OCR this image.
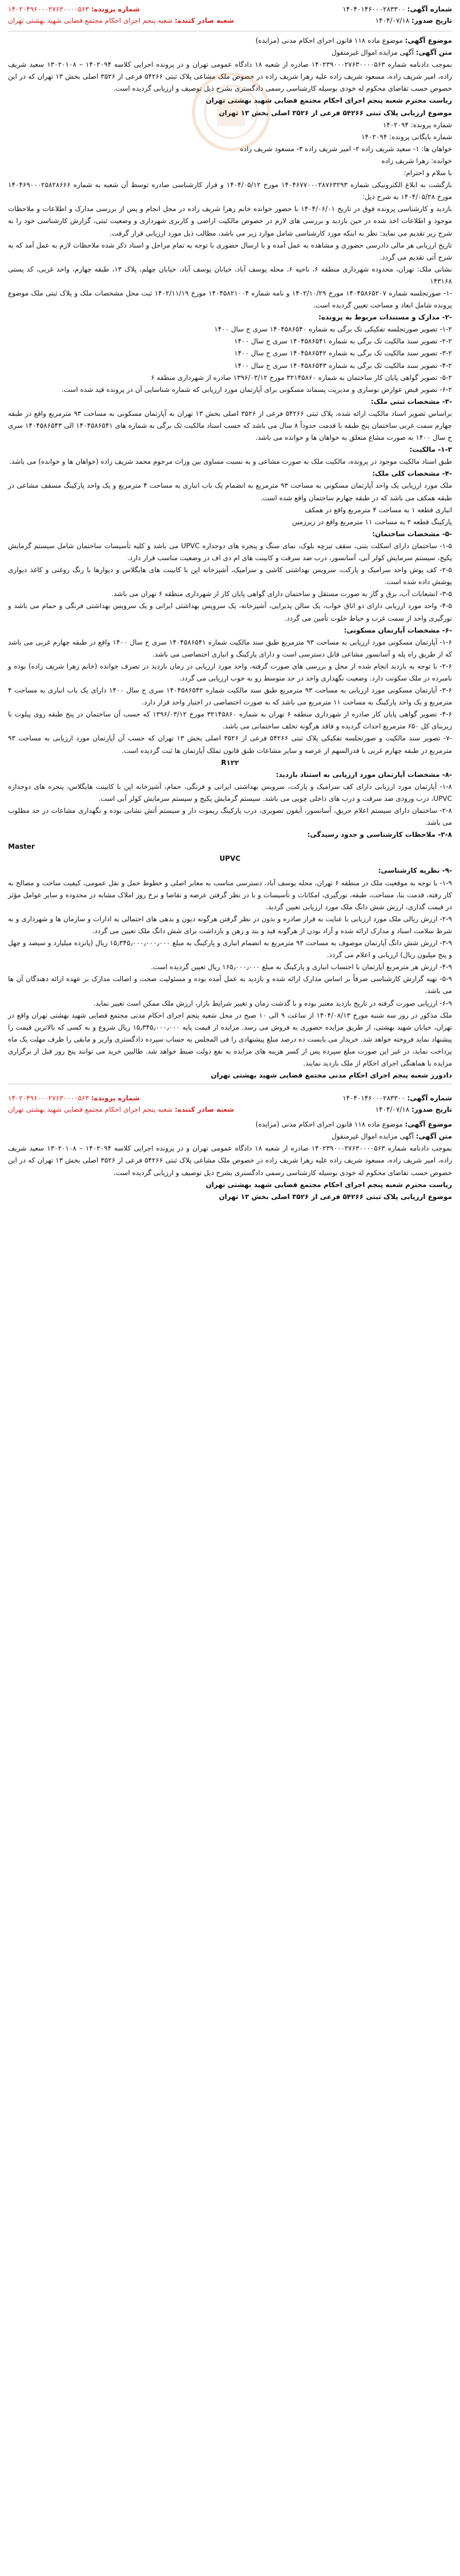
شماره آگهی: ۱۴۰۴۰۱۴۶۰۰۰۲۸۳۳۰۰
شماره پرونده: ۱۴۰۲۰۴۹۶۰۰۰۲۷۶۳۰۰۰۰۵۶۳
تاریخ صدور: ۱۴۰۴/۰۷/۱۸
شعبه صادر کننده: شعبه پنجم اجرای احکام مجتمع قضایی شهید بهشتی تهران

موضوع آگهی: موضوع ماده ۱۱۸ قانون اجرای احکام مدنی (مزایده)

متن آگهی: آگهی مزایده اموال غیرمنقول

بموجب دادنامه شماره ۱۴۰۲۳۹۰۰۰۲۷۶۳۰۰۰۰۵۶۳ صادره از شعبه ۱۸ دادگاه عمومی تهران و در پرونده اجرایی کلاسه ۱۴۰۲۰۹۴ – ۱۳۰۲۰۱۰۸ سعید شریف زاده، امیر شریف زاده، مسعود شریف زاده علیه زهرا شریف زاده در خصوص ملک مشاعی پلاک ثبتی ۵۴۲۶۶ فرعی از ۳۵۲۶ اصلی بخش ۱۳ تهران که در این خصوص حسب تقاضای محکوم له خودی بوسیله کارشناسی رسمی دادگستری بشرح ذیل توصیف و ارزیابی گردیده است.

ریاست محترم شعبه پنجم اجرای احکام مجتمع قضایی شهید بهشتی تهران

موضوع ارزیابی پلاک ثبتی ۵۴۲۶۶ فرعی از ۳۵۲۶ اصلی بخش ۱۳ تهران

شماره پرونده: ۱۴۰۲۰۹۴

شماره بایگانی پرونده: ۱۴۰۲۰۹۴

خواهان ها: ۱- سعید شریف زاده ۲- امیر شریف زاده ۳- مسعود شریف زاده

خوانده: زهرا شریف زاده

با سلام و احترام:

بازگشت به ابلاغ الکترونیکی شماره ۱۴۰۴۶۷۷۰۰۰۲۸۷۶۳۲۹۳ مورخ ۱۴۰۴/۰۵/۱۲ و قرار کارشناسی صادره توسط آن شعبه به شماره ۱۴۰۴۶۹۰۰۰۲۵۸۲۸۶۶۶ مورخ ۱۴۰۴/۰۵/۲۸ به شرح ذیل:

بازدید و کارشناسی پرونده فوق در تاریخ ۱۴۰۴/۰۶/۰۱ با حضور خوانده خانم زهرا شریف زاده در محل انجام و پس از بررسی مدارک و اطلاعات و ملاحظات موجود و اطلاعات اخذ شده در حین بازدید و بررسی های لازم در خصوص مالکیت اراضی و کاربری شهرداری و وضعیت ثبتی، گزارش کارشناسی خود را به شرح زیر تقدیم می نماید: نظر به اینکه مورد کارشناسی شامل موارد زیر می باشد، مطالب ذیل مورد ارزیابی قرار گرفت.

تاریخ ارزیابی هر مالی دادرسی حضوری و مشاهده به عمل آمده و با ارسال حضوری با توجه به تمام مراحل و اسناد ذکر شده ملاحظات لازم به عمل آمد که به شرح آتی تقدیم می گردد.

نشانی ملک: تهران، محدوده شهرداری منطقه ۶، ناحیه ۶، محله یوسف آباد، خیابان یوسف آباد، خیابان چهلم، پلاک ۱۳، طبقه چهارم، واحد غربی، کد پستی ۱۴۳۱۶۸

-۱- صورتجلسه شماره ۱۴۰۴۵۸۶۵۲۰۷ مورخ ۱۴۰۲/۱۰/۲۹ و نامه شماره ۱۴۰۴۵۸۲۱۰۰۴ مورخ ۱۴۰۲/۱۱/۱۹ ثبت محل مشخصات ملک و پلاک ثبتی ملک موضوع پرونده شامل ابعاد و مساحت تعیین گردیده است.

-۲- مدارک و مستندات مربوط به پرونده:

۱-۲- تصویر صورتجلسه تفکیکی تک برگی به شماره ۱۴۰۴۵۸۶۵۴۰ سری ج سال ۱۴۰۰

۲-۲- تصویر سند مالکیت تک برگی به شماره ۱۴۰۴۵۸۶۵۴۱ سری ج سال ۱۴۰۰

۳-۲- تصویر سند مالکیت تک برگی به شماره ۱۴۰۴۵۸۶۵۴۲ سری ج سال ۱۴۰۰

۴-۲- تصویر سند مالکیت تک برگی به شماره ۱۴۰۴۵۸۶۵۴۳ سری ج سال ۱۴۰۰

۵-۲- تصویر گواهی پایان کار ساختمان به شماره ۳۲۱۴۵۸۶۰ مورخ ۱۳۹۶/۰۳/۱۲ صادره از شهرداری منطقه ۶

۶-۲- تصویر قبض عوارض نوسازی و مدیریت پسماند مسکونی برای آپارتمان مورد ارزیابی که شماره شناسایی آن در پرونده قید شده است.

-۳- مشخصات ثبتی ملک:

براساس تصویر اسناد مالکیت ارائه شده، پلاک ثبتی ۵۴۲۶۶ فرعی از ۳۵۲۶ اصلی بخش ۱۳ تهران به آپارتمان مسکونی به مساحت ۹۳ مترمربع واقع در طبقه چهارم سمت غربی ساختمان پنج طبقه با قدمت حدوداً ۸ سال می باشد که حسب اسناد مالکیت تک برگی به شماره های ۱۴۰۴۵۸۶۵۴۱ الی ۱۴۰۴۵۸۶۵۴۳ سری ج سال ۱۴۰۰ به صورت مشاع متعلق به خواهان ها و خوانده می باشد.

۱-۳- مالکیت:

طبق اسناد مالکیت موجود در پرونده، مالکیت ملک به صورت مشاعی و به نسبت مساوی بین وراث مرحوم محمد شریف زاده (خواهان ها و خوانده) می باشد.

-۴- مشخصات کلی ملک:

ملک مورد ارزیابی یک واحد آپارتمان مسکونی به مساحت ۹۳ مترمربع به انضمام یک باب انباری به مساحت ۴ مترمربع و یک واحد پارکینگ مسقف مشاعی در طبقه همکف می باشد که در طبقه چهارم ساختمان واقع شده است.

انباری قطعه ۱ به مساحت ۴ مترمربع واقع در همکف

پارکینگ قطعه ۲ به مساحت ۱۱ مترمربع واقع در زیرزمین

-۵- مشخصات ساختمان:

۱-۵- ساختمان دارای اسکلت بتنی، سقف تیرچه بلوک، نمای سنگ و پنجره های دوجداره UPVC می باشد و کلیه تأسیسات ساختمان شامل سیستم گرمایش پکیج، سیستم سرمایش کولر آبی، آسانسور، درب ضد سرقت و کابینت های ام دی اف در وضعیت مناسب قرار دارد.

۲-۵- کف پوش واحد سرامیک و پارکت، سرویس بهداشتی کاشی و سرامیک، آشپزخانه اپن با کابینت های هایگلاس و دیوارها با رنگ روغنی و کاغذ دیواری پوشش داده شده است.

۳-۵- انشعابات آب، برق و گاز به صورت مستقل و ساختمان دارای گواهی پایان کار از شهرداری منطقه ۶ تهران می باشد.

۴-۵- واحد مورد ارزیابی دارای دو اتاق خواب، یک سالن پذیرایی، آشپزخانه، یک سرویس بهداشتی ایرانی و یک سرویس بهداشتی فرنگی و حمام می باشد و نورگیری واحد از سمت غرب و حیاط خلوت تأمین می گردد.

-۶- مشخصات آپارتمان مسکونی:

۱-۶- آپارتمان مسکونی مورد ارزیابی به مساحت ۹۳ مترمربع طبق سند مالکیت شماره ۱۴۰۴۵۸۶۵۴۱ سری ج سال ۱۴۰۰ واقع در طبقه چهارم غربی می باشد که از طریق راه پله و آسانسور مشاعی قابل دسترسی است و دارای پارکینگ و انباری اختصاصی می باشد.

۲-۶- با توجه به بازدید انجام شده از محل و بررسی های صورت گرفته، واحد مورد ارزیابی در زمان بازدید در تصرف خوانده (خانم زهرا شریف زاده) بوده و نامبرده در ملک سکونت دارد. وضعیت نگهداری واحد در حد متوسط رو به خوب ارزیابی می گردد.

۳-۶- آپارتمان مسکونی مورد ارزیابی به مساحت ۹۳ مترمربع طبق سند مالکیت شماره ۱۴۰۴۵۸۶۵۴۲ سری ج سال ۱۴۰۰ دارای یک باب انباری به مساحت ۴ مترمربع و یک واحد پارکینگ به مساحت ۱۱ مترمربع می باشد که به صورت اختصاصی در اختیار واحد قرار دارد.

۴-۶- تصویر گواهی پایان کار صادره از شهرداری منطقه ۶ تهران به شماره ۳۲۱۴۵۸۶۰ مورخ ۱۳۹۶/۰۳/۱۲ که حسب آن ساختمان در پنج طبقه روی پیلوت با زیربنای کل ۶۵۰ مترمربع احداث گردیده و فاقد هرگونه تخلف ساختمانی می باشد.

-۷- تصویر سند مالکیت و صورتجلسه تفکیکی پلاک ثبتی ۵۴۲۶۶ فرعی از ۳۵۲۶ اصلی بخش ۱۳ تهران که حسب آن آپارتمان مورد ارزیابی به مساحت ۹۳ مترمربع در طبقه چهارم غربی با قدرالسهم از عرصه و سایر مشاعات طبق قانون تملک آپارتمان ها ثبت گردیده است.

R۱۲۲

-۸- مشخصات آپارتمان مورد ارزیابی به استناد بازدید:

۱-۸- آپارتمان مورد ارزیابی دارای کف سرامیک و پارکت، سرویس بهداشتی ایرانی و فرنگی، حمام، آشپزخانه اپن با کابینت هایگلاس، پنجره های دوجداره UPVC، درب ورودی ضد سرقت و درب های داخلی چوبی می باشد. سیستم گرمایش پکیج و سیستم سرمایش کولر آبی است.

۲-۸- ساختمان دارای سیستم اعلام حریق، آسانسور، آیفون تصویری، درب پارکینگ ریموت دار و سیستم آتش نشانی بوده و نگهداری مشاعات در حد مطلوب می باشد.

۳-۸- ملاحظات کارشناسی و حدود رسیدگی:

Master

UPVC

-۹- نظریه کارشناسی:

۱-۹- با توجه به موقعیت ملک در منطقه ۶ تهران، محله یوسف آباد، دسترسی مناسب به معابر اصلی و خطوط حمل و نقل عمومی، کیفیت ساخت و مصالح به کار رفته، قدمت بنا، مساحت، طبقه، نورگیری، امکانات و تأسیسات و با در نظر گرفتن عرضه و تقاضا و نرخ روز املاک مشابه در محدوده و سایر عوامل مؤثر در قیمت گذاری، ارزش شش دانگ ملک مورد ارزیابی تعیین گردید.

۲-۹- ارزش ریالی ملک مورد ارزیابی با عنایت به قرار صادره و بدون در نظر گرفتن هرگونه دیون و بدهی های احتمالی به ادارات و سازمان ها و شهرداری و به شرط سلامت اسناد و مدارک ارائه شده و آزاد بودن از هرگونه قید و بند و رهن و بازداشت برای شش دانگ ملک تعیین می گردد.

۳-۹- ارزش شش دانگ آپارتمان موصوف به مساحت ۹۳ مترمربع به انضمام انباری و پارکینگ به مبلغ ۱۵٫۳۴۵٫۰۰۰٫۰۰۰٫۰۰۰ ریال (پانزده میلیارد و سیصد و چهل و پنج میلیون ریال) ارزیابی و اعلام می گردد.

۴-۹- ارزش هر مترمربع آپارتمان با احتساب انباری و پارکینگ به مبلغ ۱۶۵٫۰۰۰٫۰۰۰ ریال تعیین گردیده است.

۵-۹- تهیه گزارش کارشناسی صرفاً بر اساس مدارک ارائه شده و بازدید به عمل آمده بوده و مسئولیت صحت و اصالت مدارک بر عهده ارائه دهندگان آن ها می باشد.

۶-۹- ارزیابی صورت گرفته در تاریخ بازدید معتبر بوده و با گذشت زمان و تغییر شرایط بازار، ارزش ملک ممکن است تغییر نماید.

ملک مذکور در روز سه شنبه مورخ ۱۴۰۴/۰۸/۱۳ از ساعت ۹ الی ۱۰ صبح در محل شعبه پنجم اجرای احکام مدنی مجتمع قضایی شهید بهشتی تهران واقع در تهران، خیابان شهید بهشتی، از طریق مزایده حضوری به فروش می رسد. مزایده از قیمت پایه ۱۵٫۳۴۵٫۰۰۰٫۰۰۰ ریال شروع و به کسی که بالاترین قیمت را پیشنهاد نماید فروخته خواهد شد. خریدار می بایست ده درصد مبلغ پیشنهادی را فی المجلس به حساب سپرده دادگستری واریز و مابقی را ظرف مهلت یک ماه پرداخت نماید، در غیر این صورت مبلغ سپرده پس از کسر هزینه های مزایده به نفع دولت ضبط خواهد شد. طالبین خرید می توانند پنج روز قبل از برگزاری مزایده با هماهنگی اجرای احکام از ملک بازدید نمایند.

دادورز شعبه پنجم اجرای احکام مدنی مجتمع قضایی شهید بهشتی تهران

شماره آگهی: ۱۴۰۴۰۱۴۶۰۰۰۲۸۳۳۰۰
شماره پرونده: ۱۴۰۲۰۴۹۶۰۰۰۲۷۶۳۰۰۰۰۵۶۳
تاریخ صدور: ۱۴۰۴/۰۷/۱۸
شعبه صادر کننده: شعبه پنجم اجرای احکام مجتمع قضایی شهید بهشتی تهران

موضوع آگهی: موضوع ماده ۱۱۸ قانون اجرای احکام مدنی (مزایده)

متن آگهی: آگهی مزایده اموال غیرمنقول

بموجب دادنامه شماره ۱۴۰۲۳۹۰۰۰۲۷۶۳۰۰۰۰۵۶۳ صادره از شعبه ۱۸ دادگاه عمومی تهران و در پرونده اجرایی کلاسه ۱۴۰۲۰۹۴ – ۱۳۰۲۰۱۰۸ سعید شریف زاده، امیر شریف زاده، مسعود شریف زاده علیه زهرا شریف زاده در خصوص ملک مشاعی پلاک ثبتی ۵۴۲۶۶ فرعی از ۳۵۲۶ اصلی بخش ۱۳ تهران که در این خصوص حسب تقاضای محکوم له خودی بوسیله کارشناسی رسمی دادگستری بشرح ذیل توصیف و ارزیابی گردیده است.

ریاست محترم شعبه پنجم اجرای احکام مجتمع قضایی شهید بهشتی تهران

موضوع ارزیابی پلاک ثبتی ۵۴۲۶۶ فرعی از ۳۵۲۶ اصلی بخش ۱۳ تهران
